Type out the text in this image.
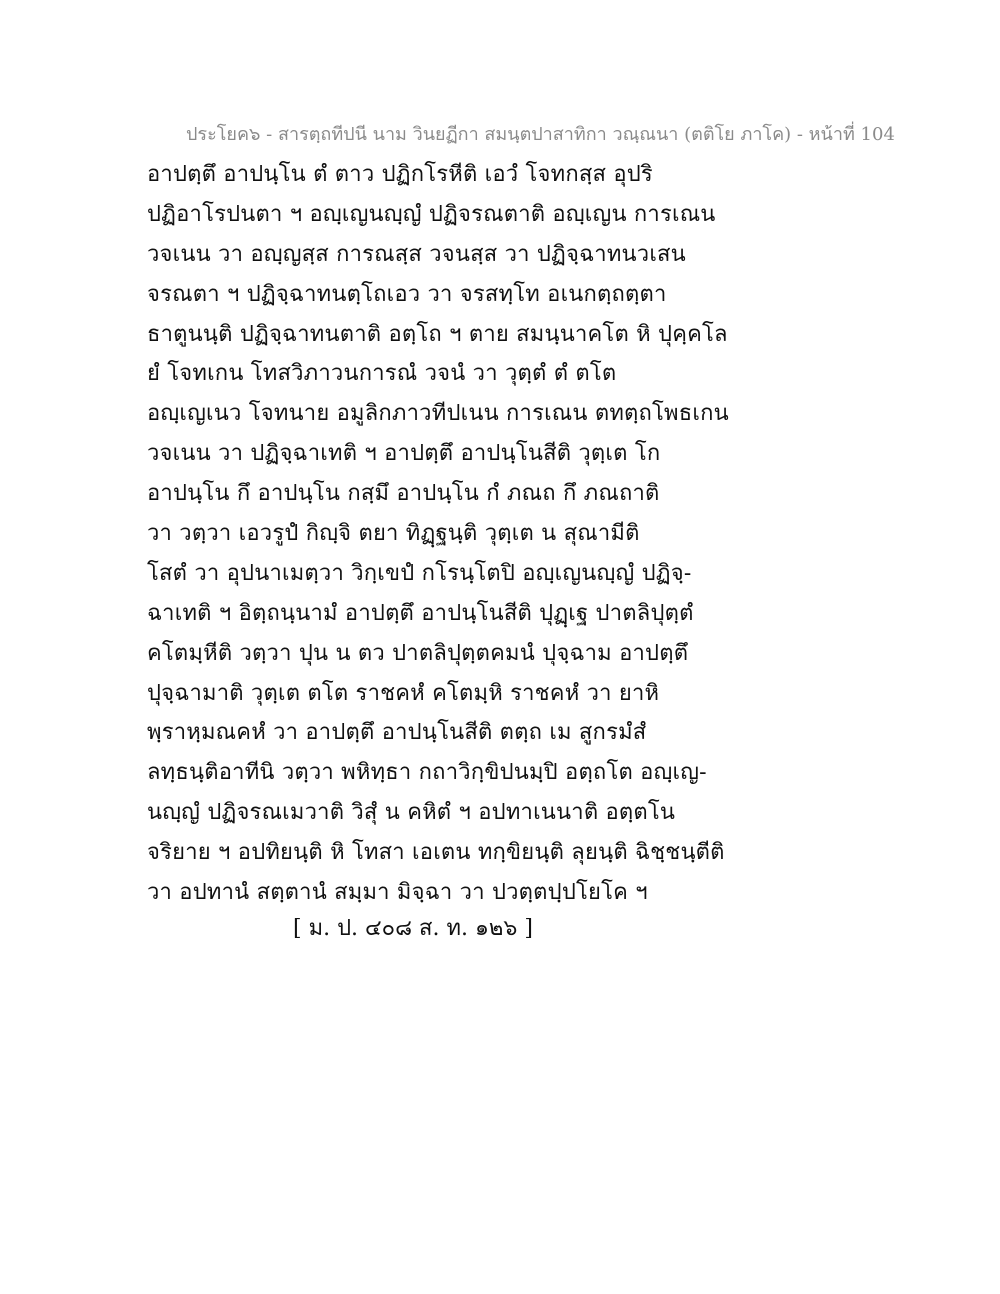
ประโยค๖ - สารตฺถทีปนี นาม วินยฏีกา สมนฺตปาสาทิกา วณฺณนา (ตติโย ภาโค) - หน้าที่ 104
อาปตฺตึ อาปนฺโน ตํ ตาว ปฏิกโรหีติ เอวํ โจทกสฺส อุปริ
ปฏิอาโรปนตา ฯ อญฺเญนญฺญํ ปฏิจรณตาติ อญฺเญน การเณน
วจเนน วา อญฺญสฺส การณสฺส วจนสฺส วา ปฏิจฺฉาทนวเสน
จรณตา ฯ ปฏิจฺฉาทนตฺโถเอว วา จรสทฺโท อเนกตฺถตฺตา
ธาตูนนฺติ ปฏิจฺฉาทนตาติ อตฺโถ ฯ ตาย สมนฺนาคโต หิ ปุคฺคโล
ยํ โจทเกน โทสวิภาวนการณํ วจนํ วา วุตฺตํ ตํ ตโต
อญฺเญเนว โจทนาย อมูลิกภาวทีปเนน การเณน ตทตฺถโพธเกน
วจเนน วา ปฏิจฺฉาเทติ ฯ อาปตฺตึ อาปนฺโนสีติ วุตฺเต โก
อาปนฺโน กึ อาปนฺโน กสฺมึ อาปนฺโน กํ ภณถ กึ ภณถาติ
วา วตฺวา เอวรูปํ กิญฺจิ ตยา ทิฏฺฐนฺติ วุตฺเต น สุณามีติ
โสตํ วา อุปนาเมตฺวา วิกฺเขปํ กโรนฺโตปิ อญฺเญนญฺญํ ปฏิจฺ-
ฉาเทติ ฯ อิตฺถนฺนามํ อาปตฺตึ อาปนฺโนสีติ ปุฏฺเฐ ปาตลิปุตฺตํ
คโตมฺหีติ วตฺวา ปุน น ตว ปาตลิปุตฺตคมนํ ปุจฺฉาม อาปตฺตึ
ปุจฺฉามาติ วุตฺเต ตโต ราชคหํ คโตมฺหิ ราชคหํ วา ยาหิ
พฺราหฺมณคหํ วา อาปตฺตึ อาปนฺโนสีติ ตตฺถ เม สูกรมํสํ
ลทฺธนฺติอาทีนิ วตฺวา พหิทฺธา กถาวิกฺขิปนมฺปิ อตฺถโต อญฺเญ-
นญฺญํ ปฏิจรณเมวาติ วิสุํ น คหิตํ ฯ อปทาเนนาติ อตฺตโน
จริยาย ฯ อปทิยนฺติ หิ โทสา เอเตน ทกฺขิยนฺติ ลุยนฺติ ฉิชฺชนฺตีติ
วา อปทานํ สตฺตานํ สมฺมา มิจฺฉา วา ปวตฺตปฺปโยโค ฯ
[ ม. ป. ๔๐๘ ส. ท. ๑๒๖ ]
